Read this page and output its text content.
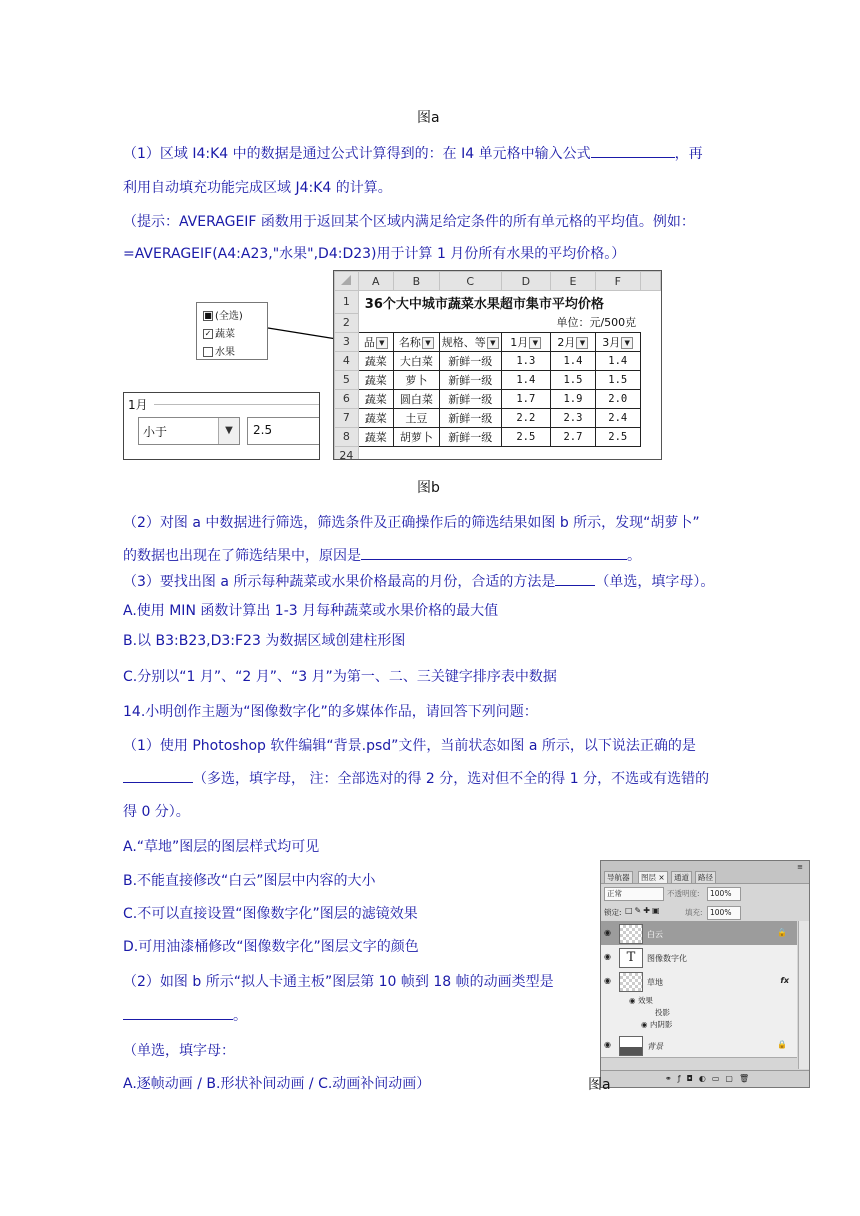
图a
（1）区域 I4:K4 中的数据是通过公式计算得到的：在 I4 单元格中输入公式	，再
利用自动填充功能完成区域 J4:K4 的计算。
（提示：AVERAGEIF 函数用于返回某个区域内满足给定条件的所有单元格的平均值。例如：
=AVERAGEIF(A4:A23,"水果",D4:D23)用于计算 1 月份所有水果的平均价格。）
■ (全选)
✓ 蔬菜
水果
1月
小于	▼	2.5
	A	B	C	D	E	F	
1	36个大中城市蔬菜水果超市集市平均价格						
2	单位：元/500克						
3	品 ▼	名称 ▼	规格、等 ▼	1月 ▼	2月 ▼	3月 ▼	
4	蔬菜	大白菜	新鲜一级	1.3	1.4	1.4	
5	蔬菜	萝卜	新鲜一级	1.4	1.5	1.5	
6	蔬菜	圆白菜	新鲜一级	1.7	1.9	2.0	
7	蔬菜	土豆	新鲜一级	2.2	2.3	2.4	
8	蔬菜	胡萝卜	新鲜一级	2.5	2.7	2.5	
24							
图b
（2）对图 a 中数据进行筛选，筛选条件及正确操作后的筛选结果如图 b 所示，发现“胡萝卜”
的数据也出现在了筛选结果中，原因是	。
（3）要找出图 a 所示每种蔬菜或水果价格最高的月份，合适的方法是	（单选，填字母）。
A.使用 MIN 函数计算出 1-3 月每种蔬菜或水果价格的最大值
B.以 B3:B23,D3:F23 为数据区域创建柱形图
C.分别以“1 月”、“2 月”、“3 月”为第一、二、三关键字排序表中数据
14.小明创作主题为“图像数字化”的多媒体作品，请回答下列问题：
（1）使用 Photoshop 软件编辑“背景.psd”文件，当前状态如图 a 所示，以下说法正确的是
（多选，填字母， 注：全部选对的得 2 分，选对但不全的得 1 分，不选或有选错的
得 0 分）。
A.“草地”图层的图层样式均可见
B.不能直接修改“白云”图层中内容的大小
C.不可以直接设置“图像数字化”图层的滤镜效果
D.可用油漆桶修改“图像数字化”图层文字的颜色
（2）如图 b 所示“拟人卡通主板”图层第 10 帧到 18 帧的动画类型是
。
（单选，填字母：
A.逐帧动画 / B.形状补间动画 / C.动画补间动画）
导航器	图层 ×	通道	路径
≡
正常	不透明度:	100%
锁定: □✎✚▣	填充: 100%
◉	白云	🔒
◉	T	图像数字化
◉	草地	fx
◉ 效果
投影
◉ 内阴影
◉	背景	🔒
⚭ƒ◘◐▭▢🗑
图a
